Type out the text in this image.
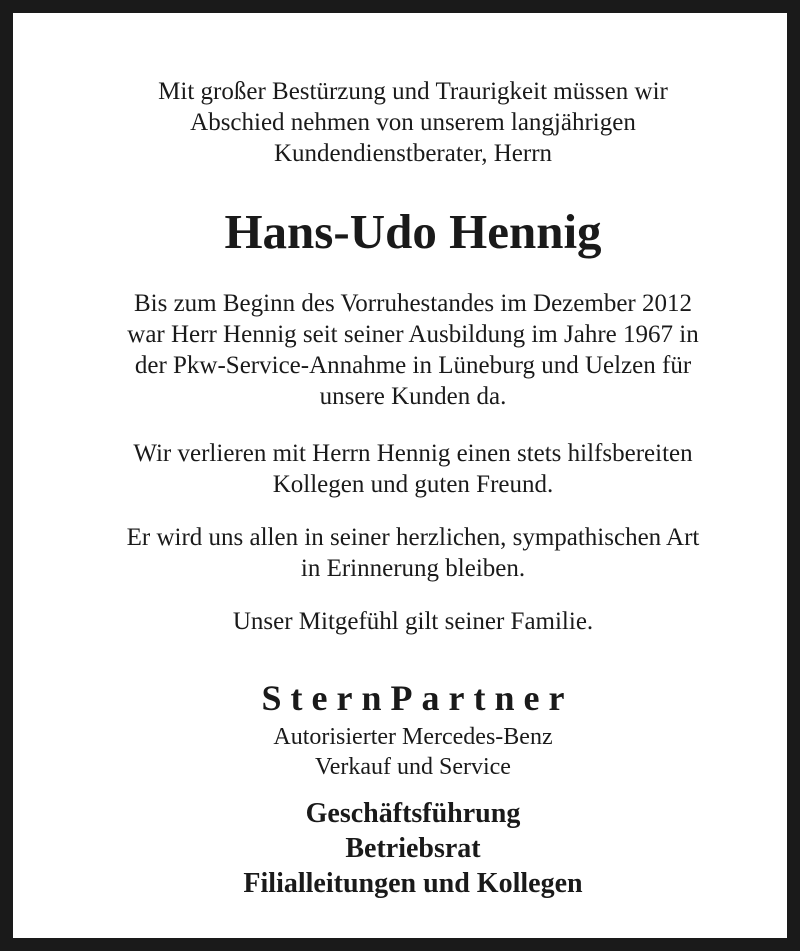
Mit großer Bestürzung und Traurigkeit müssen wir
Abschied nehmen von unserem langjährigen
Kundendienstberater, Herrn
Hans-Udo Hennig
Bis zum Beginn des Vorruhestandes im Dezember 2012
war Herr Hennig seit seiner Ausbildung im Jahre 1967 in
der Pkw-Service-Annahme in Lüneburg und Uelzen für
unsere Kunden da.
Wir verlieren mit Herrn Hennig einen stets hilfsbereiten
Kollegen und guten Freund.
Er wird uns allen in seiner herzlichen, sympathischen Art
in Erinnerung bleiben.
Unser Mitgefühl gilt seiner Familie.
SternPartner
Autorisierter Mercedes-Benz
Verkauf und Service
Geschäftsführung
Betriebsrat
Filialleitungen und Kollegen
